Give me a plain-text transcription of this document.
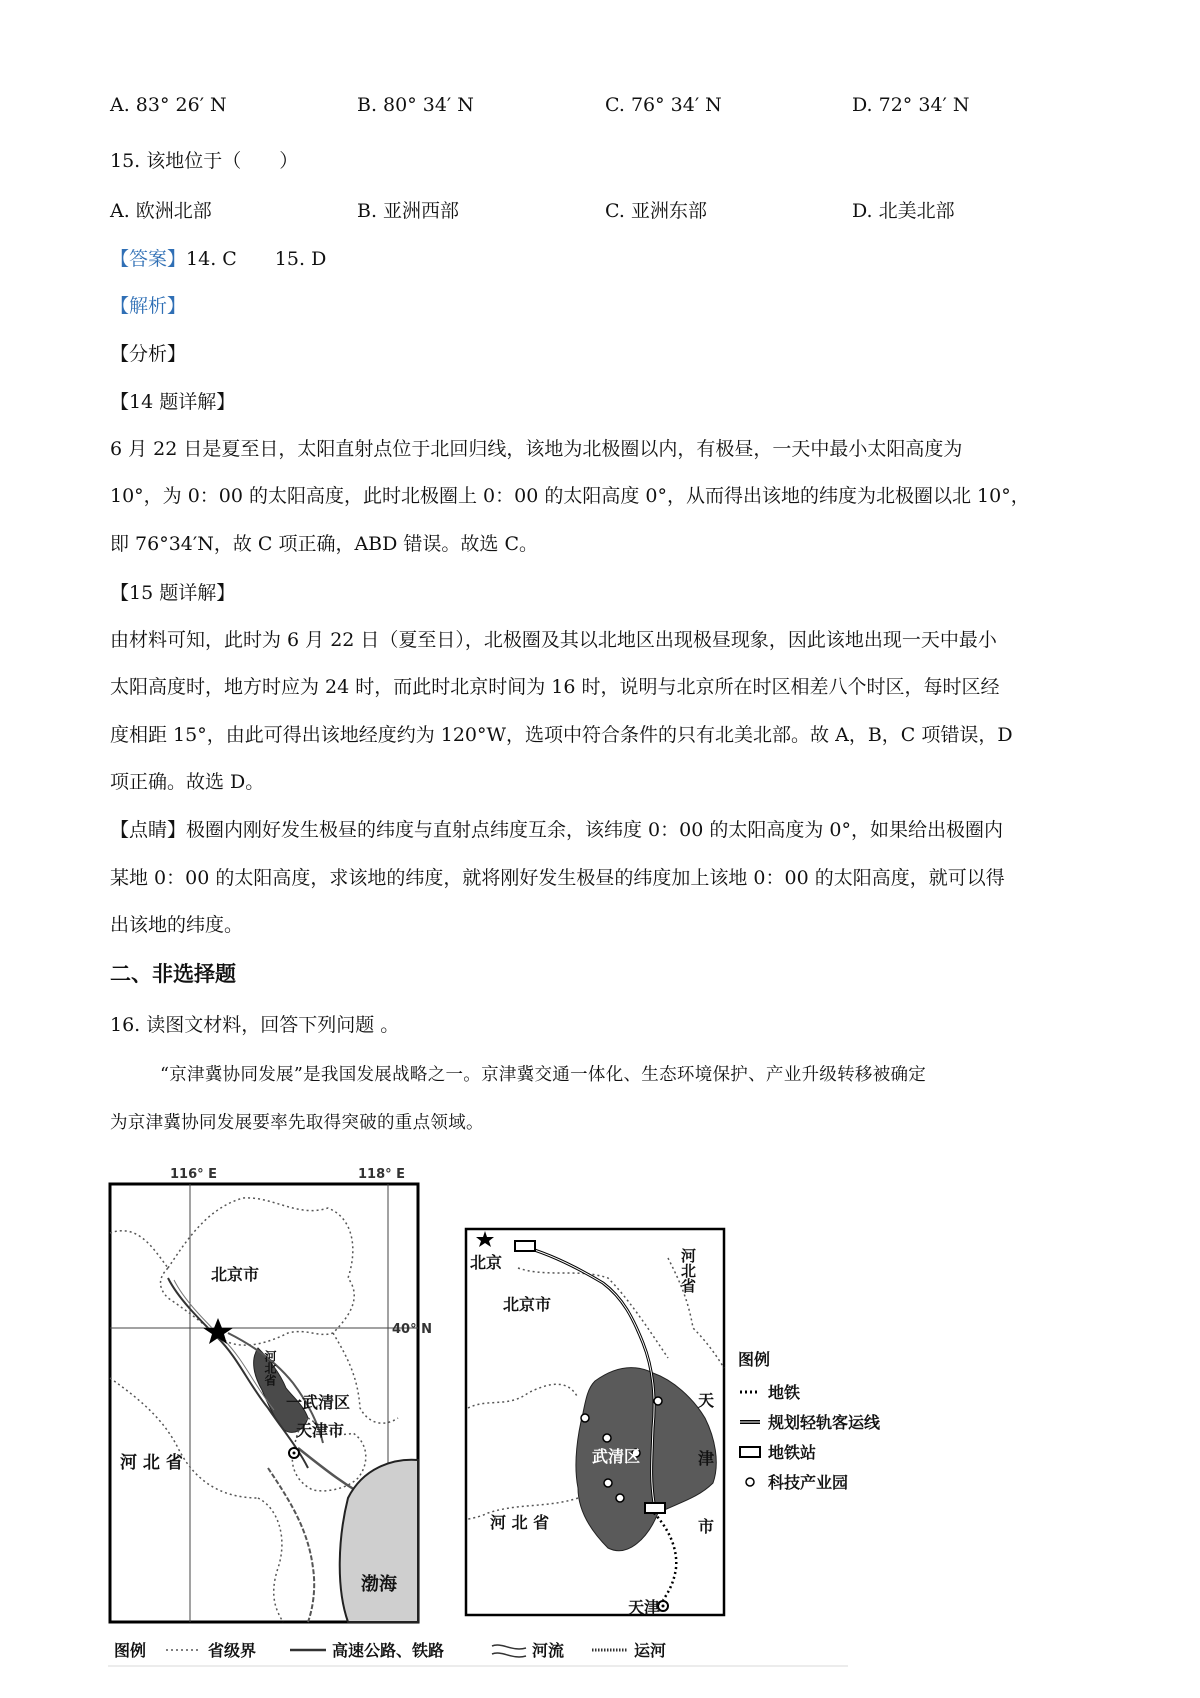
A. 83° 26′ N	B. 80° 34′ N	C. 76° 34′ N	D. 72° 34′ N
15. 该地位于（　　）
A. 欧洲北部	B. 亚洲西部	C. 亚洲东部	D. 北美北部
【答案】14. C　　15. D
【解析】
【分析】
【14 题详解】
6 月 22 日是夏至日，太阳直射点位于北回归线，该地为北极圈以内，有极昼，一天中最小太阳高度为
10°，为 0：00 的太阳高度，此时北极圈上 0：00 的太阳高度 0°，从而得出该地的纬度为北极圈以北 10°，
即 76°34′N，故 C 项正确，ABD 错误。故选 C。
【15 题详解】
由材料可知，此时为 6 月 22 日（夏至日），北极圈及其以北地区出现极昼现象，因此该地出现一天中最小
太阳高度时，地方时应为 24 时，而此时北京时间为 16 时，说明与北京所在时区相差八个时区，每时区经
度相距 15°，由此可得出该地经度约为 120°W，选项中符合条件的只有北美北部。故 A，B，C 项错误，D
项正确。故选 D。
【点睛】极圈内刚好发生极昼的纬度与直射点纬度互余，该纬度 0：00 的太阳高度为 0°，如果给出极圈内
某地 0：00 的太阳高度，求该地的纬度，就将刚好发生极昼的纬度加上该地 0：00 的太阳高度，就可以得
出该地的纬度。
二、非选择题
16. 读图文材料，回答下列问题 。
“京津冀协同发展”是我国发展战略之一。京津冀交通一体化、生态环境保护、产业升级转移被确定
为京津冀协同发展要率先取得突破的重点领域。
116° E	118° E
40° N
北京市
河北省
一武清区
天津市
河 北 省
渤海
北京
北京市
河北省
天
津
市
武清区
河 北 省
天津
图例
地铁
规划轻轨客运线
地铁站
科技产业园
图例	省级界	高速公路、铁路	河流	运河
